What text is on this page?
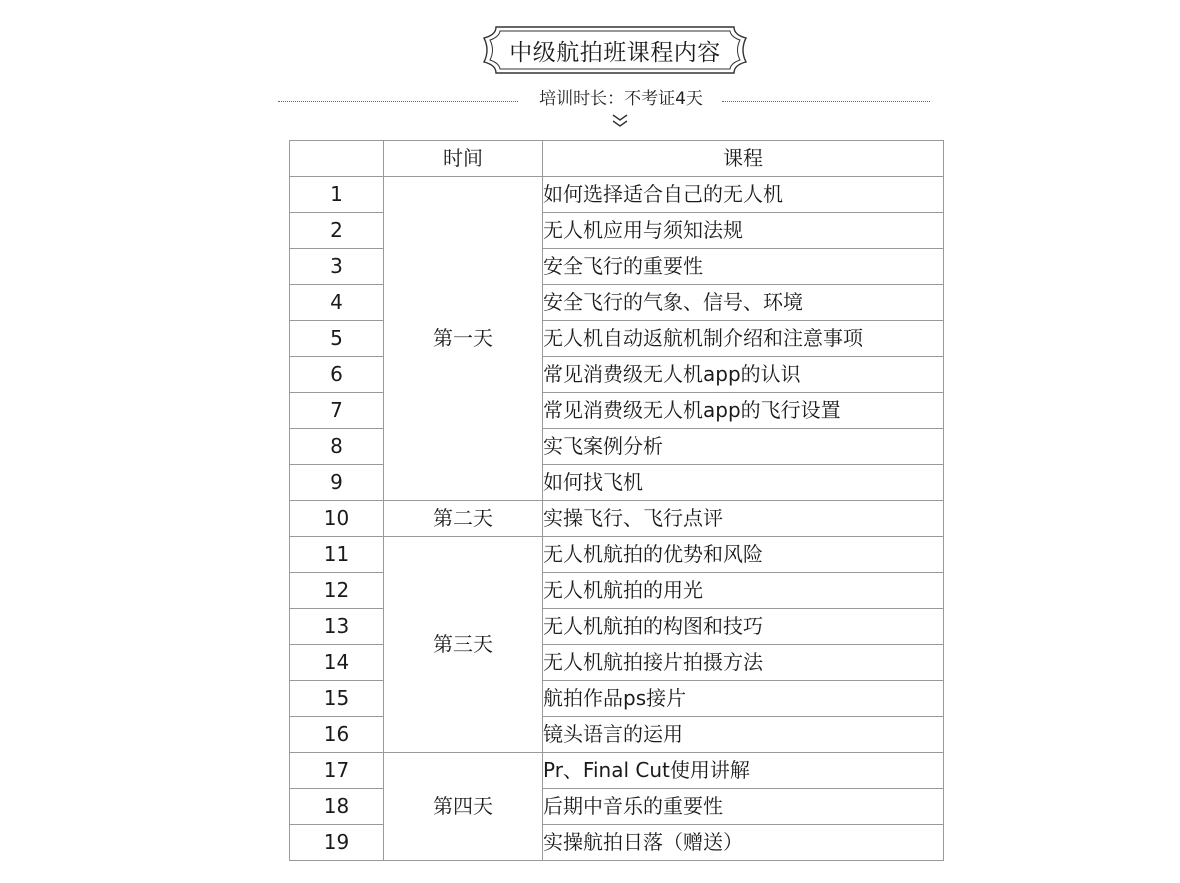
中级航拍班课程内容
培训时长：不考证4天
	时间	课程
1	第一天	如何选择适合自己的无人机
2		无人机应用与须知法规
3		安全飞行的重要性
4		安全飞行的气象、信号、环境
5		无人机自动返航机制介绍和注意事项
6		常见消费级无人机app的认识
7		常见消费级无人机app的飞行设置
8		实飞案例分析
9		如何找飞机
10	第二天	实操飞行、飞行点评
11	第三天	无人机航拍的优势和风险
12		无人机航拍的用光
13		无人机航拍的构图和技巧
14		无人机航拍接片拍摄方法
15		航拍作品ps接片
16		镜头语言的运用
17	第四天	Pr、Final Cut使用讲解
18		后期中音乐的重要性
19		实操航拍日落（赠送）
